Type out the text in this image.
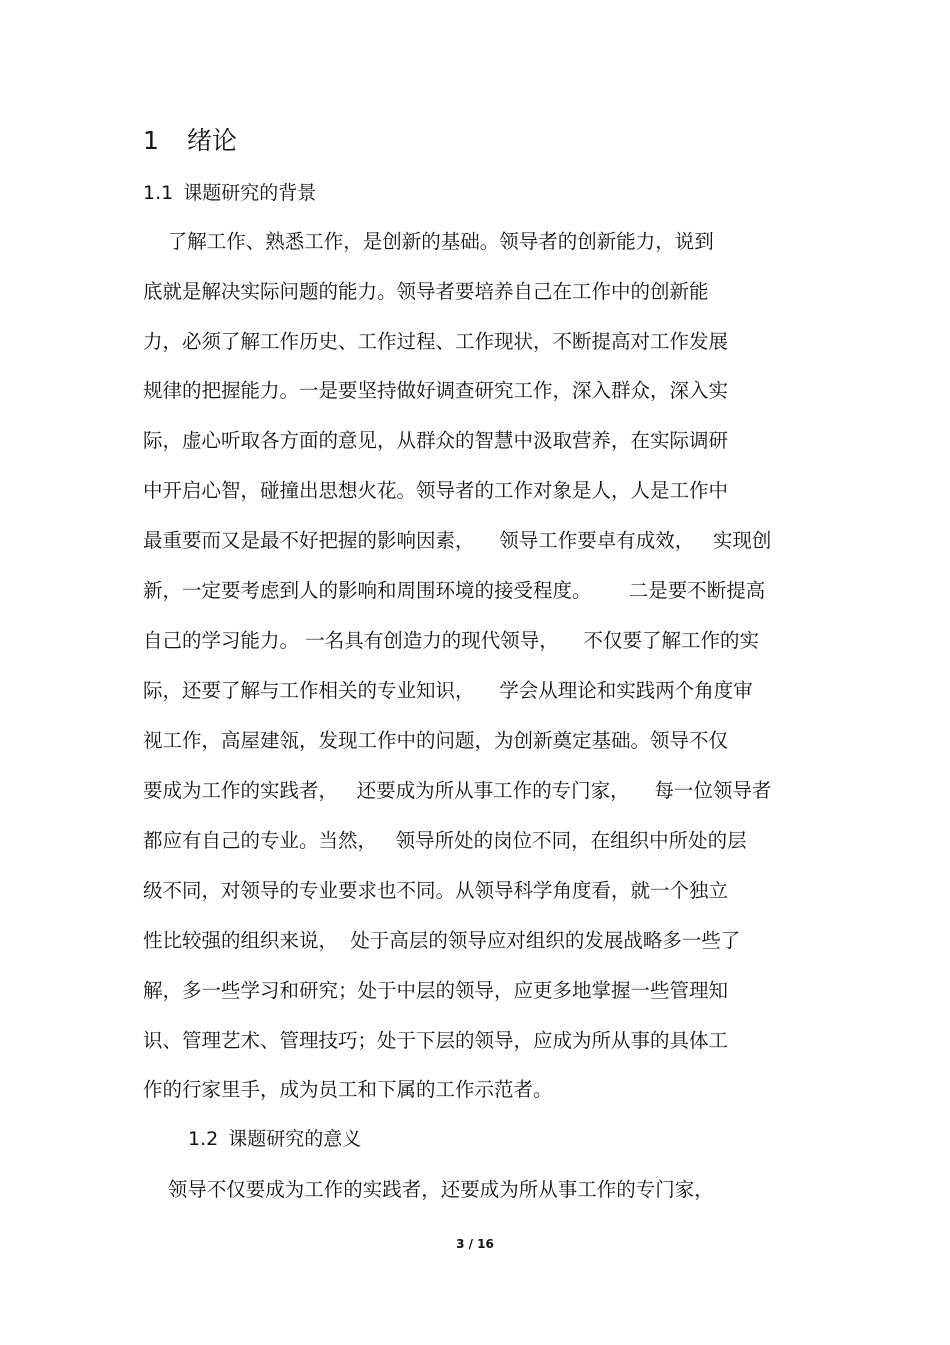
1 绪论
1.1 课题研究的背景
了解工作、熟悉工作，是创新的基础。领导者的创新能力，说到
底就是解决实际问题的能力。领导者要培养自己在工作中的创新能
力，必须了解工作历史、工作过程、工作现状，不断提高对工作发展
规律的把握能力。一是要坚持做好调查研究工作，深入群众，深入实
际，虚心听取各方面的意见，从群众的智慧中汲取营养，在实际调研
中开启心智，碰撞出思想火花。领导者的工作对象是人，人是工作中
最重要而又是最不好把握的影响因素，    领导工作要卓有成效，   实现创
新，一定要考虑到人的影响和周围环境的接受程度。      二是要不断提高
自己的学习能力。 一名具有创造力的现代领导，    不仅要了解工作的实
际，还要了解与工作相关的专业知识，    学会从理论和实践两个角度审
视工作，高屋建瓴，发现工作中的问题，为创新奠定基础。领导不仅
要成为工作的实践者，   还要成为所从事工作的专门家，    每一位领导者
都应有自己的专业。当然，   领导所处的岗位不同，在组织中所处的层
级不同，对领导的专业要求也不同。从领导科学角度看，就一个独立
性比较强的组织来说，  处于高层的领导应对组织的发展战略多一些了
解，多一些学习和研究；处于中层的领导，应更多地掌握一些管理知
识、管理艺术、管理技巧；处于下层的领导，应成为所从事的具体工
作的行家里手，成为员工和下属的工作示范者。
1.2 课题研究的意义
领导不仅要成为工作的实践者，还要成为所从事工作的专门家，
3 / 16
